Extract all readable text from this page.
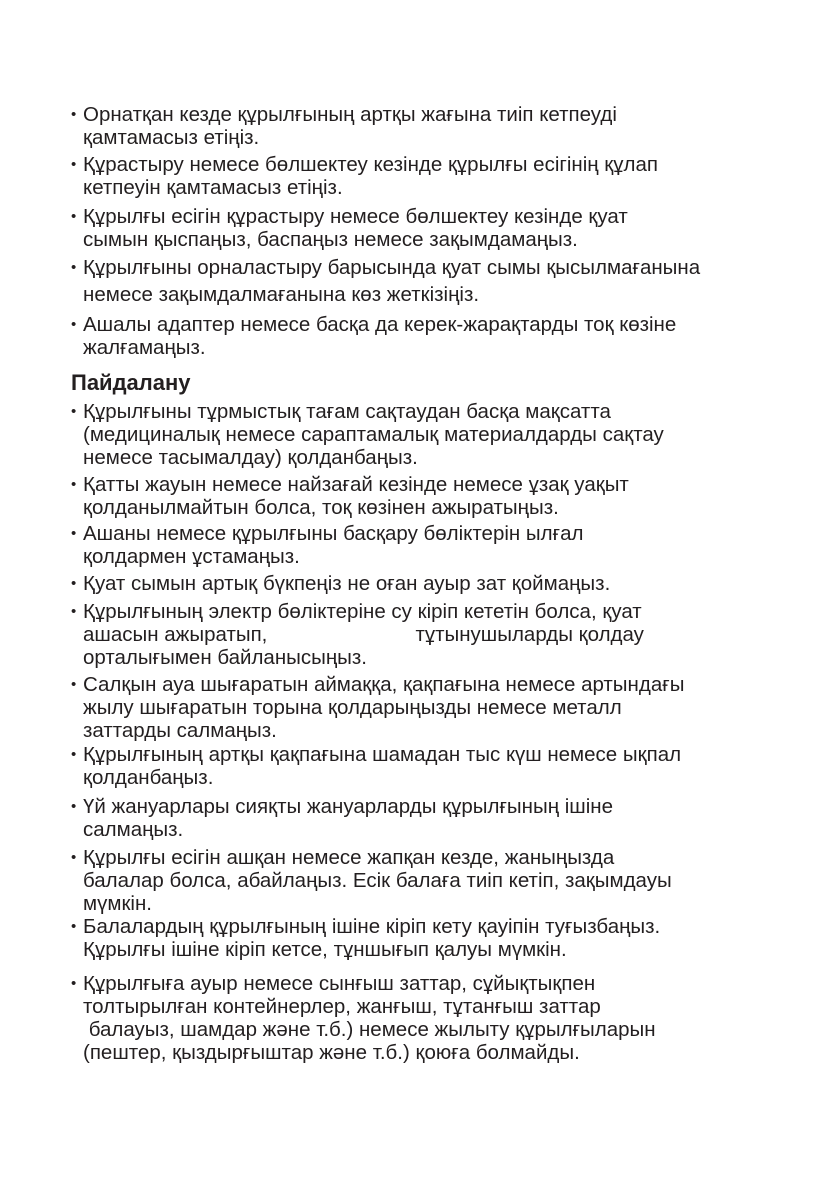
• Орнатқан кезде құрылғының артқы жағына тиіп кетпеуді
қамтамасыз етіңіз.
• Құрастыру немесе бөлшектеу кезінде құрылғы есігінің құлап
кетпеуін қамтамасыз етіңіз.
• Құрылғы есігін құрастыру немесе бөлшектеу кезінде қуат
сымын қыспаңыз, баспаңыз немесе зақымдамаңыз.
• Құрылғыны орналастыру барысында қуат сымы қысылмағанына
немесе зақымдалмағанына көз жеткізіңіз.
• Ашалы адаптер немесе басқа да керек-жарақтарды тоқ көзіне
жалғамаңыз.
Пайдалану
• Құрылғыны тұрмыстық тағам сақтаудан басқа мақсатта
(медициналық немесе сараптамалық материалдарды сақтау
немесе тасымалдау) қолданбаңыз.
• Қатты жауын немесе найзағай кезінде немесе ұзақ уақыт
қолданылмайтын болса, тоқ көзінен ажыратыңыз.
• Ашаны немесе құрылғыны басқару бөліктерін ылғал
қолдармен ұстамаңыз.
• Қуат сымын артық бүкпеңіз не оған ауыр зат қоймаңыз.
• Құрылғының электр бөліктеріне су кіріп кететін болса, қуат
ашасын ажыратып,                          тұтынушыларды қолдау
орталығымен байланысыңыз.
• Салқын ауа шығаратын аймаққа, қақпағына немесе артындағы
жылу шығаратын торына қолдарыңызды немесе металл
заттарды салмаңыз.
• Құрылғының артқы қақпағына шамадан тыс күш немесе ықпал
қолданбаңыз.
• Үй жануарлары сияқты жануарларды құрылғының ішіне
салмаңыз.
• Құрылғы есігін ашқан немесе жапқан кезде, жаныңызда
балалар болса, абайлаңыз. Есік балаға тиіп кетіп, зақымдауы
мүмкін.
• Балалардың құрылғының ішіне кіріп кету қауіпін туғызбаңыз.
Құрылғы ішіне кіріп кетсе, тұншығып қалуы мүмкін.
• Құрылғыға ауыр немесе сынғыш заттар, сұйықтықпен
толтырылған контейнерлер, жанғыш, тұтанғыш заттар
балауыз, шамдар және т.б.) немесе жылыту құрылғыларын
(пештер, қыздырғыштар және т.б.) қоюға болмайды.
